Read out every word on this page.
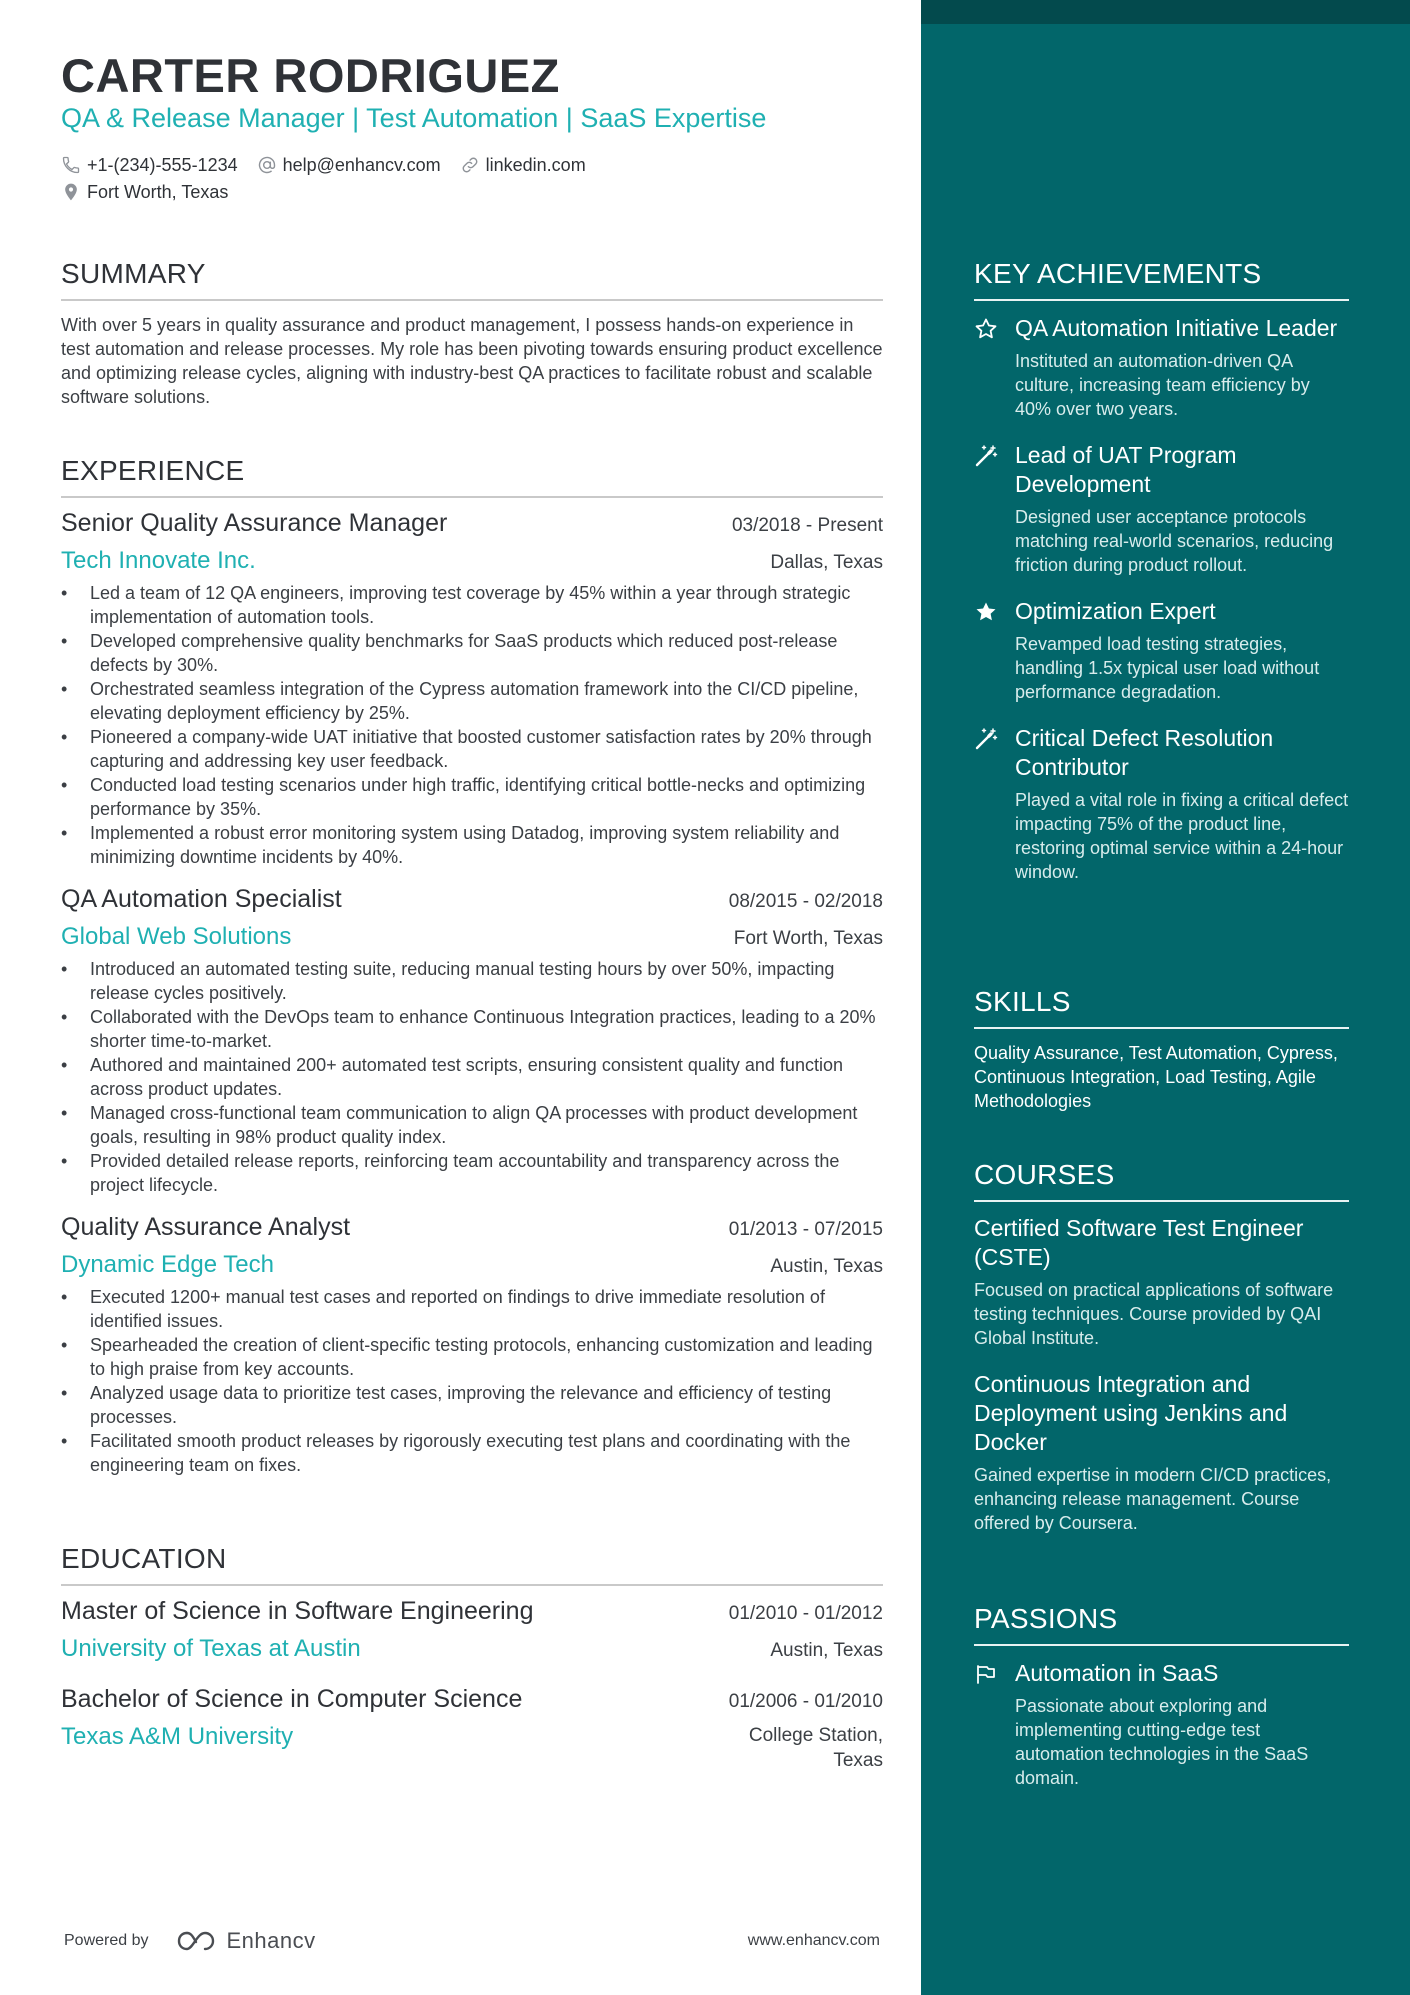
CARTER RODRIGUEZ
QA & Release Manager | Test Automation | SaaS Expertise
+1-(234)-555-1234	help@enhancv.com	linkedin.com
Fort Worth, Texas
SUMMARY
With over 5 years in quality assurance and product management, I possess hands-on experience in test automation and release processes. My role has been pivoting towards ensuring product excellence and optimizing release cycles, aligning with industry-best QA practices to facilitate robust and scalable software solutions.
EXPERIENCE
Senior Quality Assurance Manager	03/2018 - Present
Tech Innovate Inc.	Dallas, Texas
• Led a team of 12 QA engineers, improving test coverage by 45% within a year through strategic implementation of automation tools.
• Developed comprehensive quality benchmarks for SaaS products which reduced post-release defects by 30%.
• Orchestrated seamless integration of the Cypress automation framework into the CI/CD pipeline, elevating deployment efficiency by 25%.
• Pioneered a company-wide UAT initiative that boosted customer satisfaction rates by 20% through capturing and addressing key user feedback.
• Conducted load testing scenarios under high traffic, identifying critical bottle-necks and optimizing performance by 35%.
• Implemented a robust error monitoring system using Datadog, improving system reliability and minimizing downtime incidents by 40%.
QA Automation Specialist	08/2015 - 02/2018
Global Web Solutions	Fort Worth, Texas
• Introduced an automated testing suite, reducing manual testing hours by over 50%, impacting release cycles positively.
• Collaborated with the DevOps team to enhance Continuous Integration practices, leading to a 20% shorter time-to-market.
• Authored and maintained 200+ automated test scripts, ensuring consistent quality and function across product updates.
• Managed cross-functional team communication to align QA processes with product development goals, resulting in 98% product quality index.
• Provided detailed release reports, reinforcing team accountability and transparency across the project lifecycle.
Quality Assurance Analyst	01/2013 - 07/2015
Dynamic Edge Tech	Austin, Texas
• Executed 1200+ manual test cases and reported on findings to drive immediate resolution of identified issues.
• Spearheaded the creation of client-specific testing protocols, enhancing customization and leading to high praise from key accounts.
• Analyzed usage data to prioritize test cases, improving the relevance and efficiency of testing processes.
• Facilitated smooth product releases by rigorously executing test plans and coordinating with the engineering team on fixes.
EDUCATION
Master of Science in Software Engineering	01/2010 - 01/2012
University of Texas at Austin	Austin, Texas
Bachelor of Science in Computer Science	01/2006 - 01/2010
Texas A&M University	College Station,
Texas
Powered by	Enhancv	www.enhancv.com
KEY ACHIEVEMENTS
QA Automation Initiative Leader
Instituted an automation-driven QA culture, increasing team efficiency by 40% over two years.
Lead of UAT Program Development
Designed user acceptance protocols matching real-world scenarios, reducing friction during product rollout.
Optimization Expert
Revamped load testing strategies, handling 1.5x typical user load without performance degradation.
Critical Defect Resolution Contributor
Played a vital role in fixing a critical defect impacting 75% of the product line, restoring optimal service within a 24-hour window.
SKILLS
Quality Assurance, Test Automation, Cypress, Continuous Integration, Load Testing, Agile Methodologies
COURSES
Certified Software Test Engineer (CSTE)
Focused on practical applications of software testing techniques. Course provided by QAI Global Institute.
Continuous Integration and Deployment using Jenkins and Docker
Gained expertise in modern CI/CD practices, enhancing release management. Course offered by Coursera.
PASSIONS
Automation in SaaS
Passionate about exploring and implementing cutting-edge test automation technologies in the SaaS domain.
